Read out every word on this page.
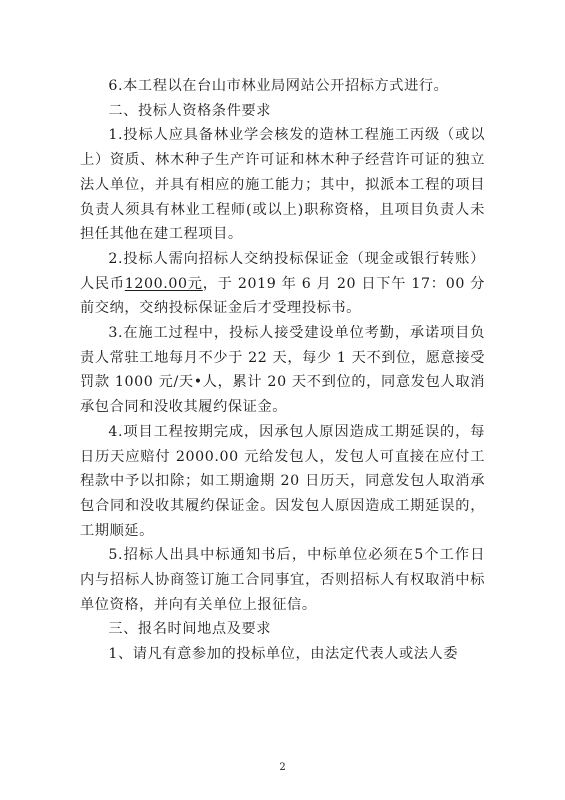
6.本工程以在台山市林业局网站公开招标方式进行。

二、投标人资格条件要求

1.投标人应具备林业学会核发的造林工程施工丙级（或以上）资质、林木种子生产许可证和林木种子经营许可证的独立法人单位，并具有相应的施工能力；其中，拟派本工程的项目负责人须具有林业工程师(或以上)职称资格，且项目负责人未担任其他在建工程项目。

2.投标人需向招标人交纳投标保证金（现金或银行转账）人民币1200.00元，于 2019 年 6 月 20 日下午 17：00 分前交纳，交纳投标保证金后才受理投标书。

3.在施工过程中，投标人接受建设单位考勤，承诺项目负责人常驻工地每月不少于 22 天，每少 1 天不到位，愿意接受罚款 1000 元/天•人，累计 20 天不到位的，同意发包人取消承包合同和没收其履约保证金。

4.项目工程按期完成，因承包人原因造成工期延误的，每日历天应赔付 2000.00 元给发包人，发包人可直接在应付工程款中予以扣除；如工期逾期 20 日历天，同意发包人取消承包合同和没收其履约保证金。因发包人原因造成工期延误的，工期顺延。

5.招标人出具中标通知书后，中标单位必须在5个工作日内与招标人协商签订施工合同事宜，否则招标人有权取消中标单位资格，并向有关单位上报征信。

三、报名时间地点及要求

1、请凡有意参加的投标单位，由法定代表人或法人委

2
